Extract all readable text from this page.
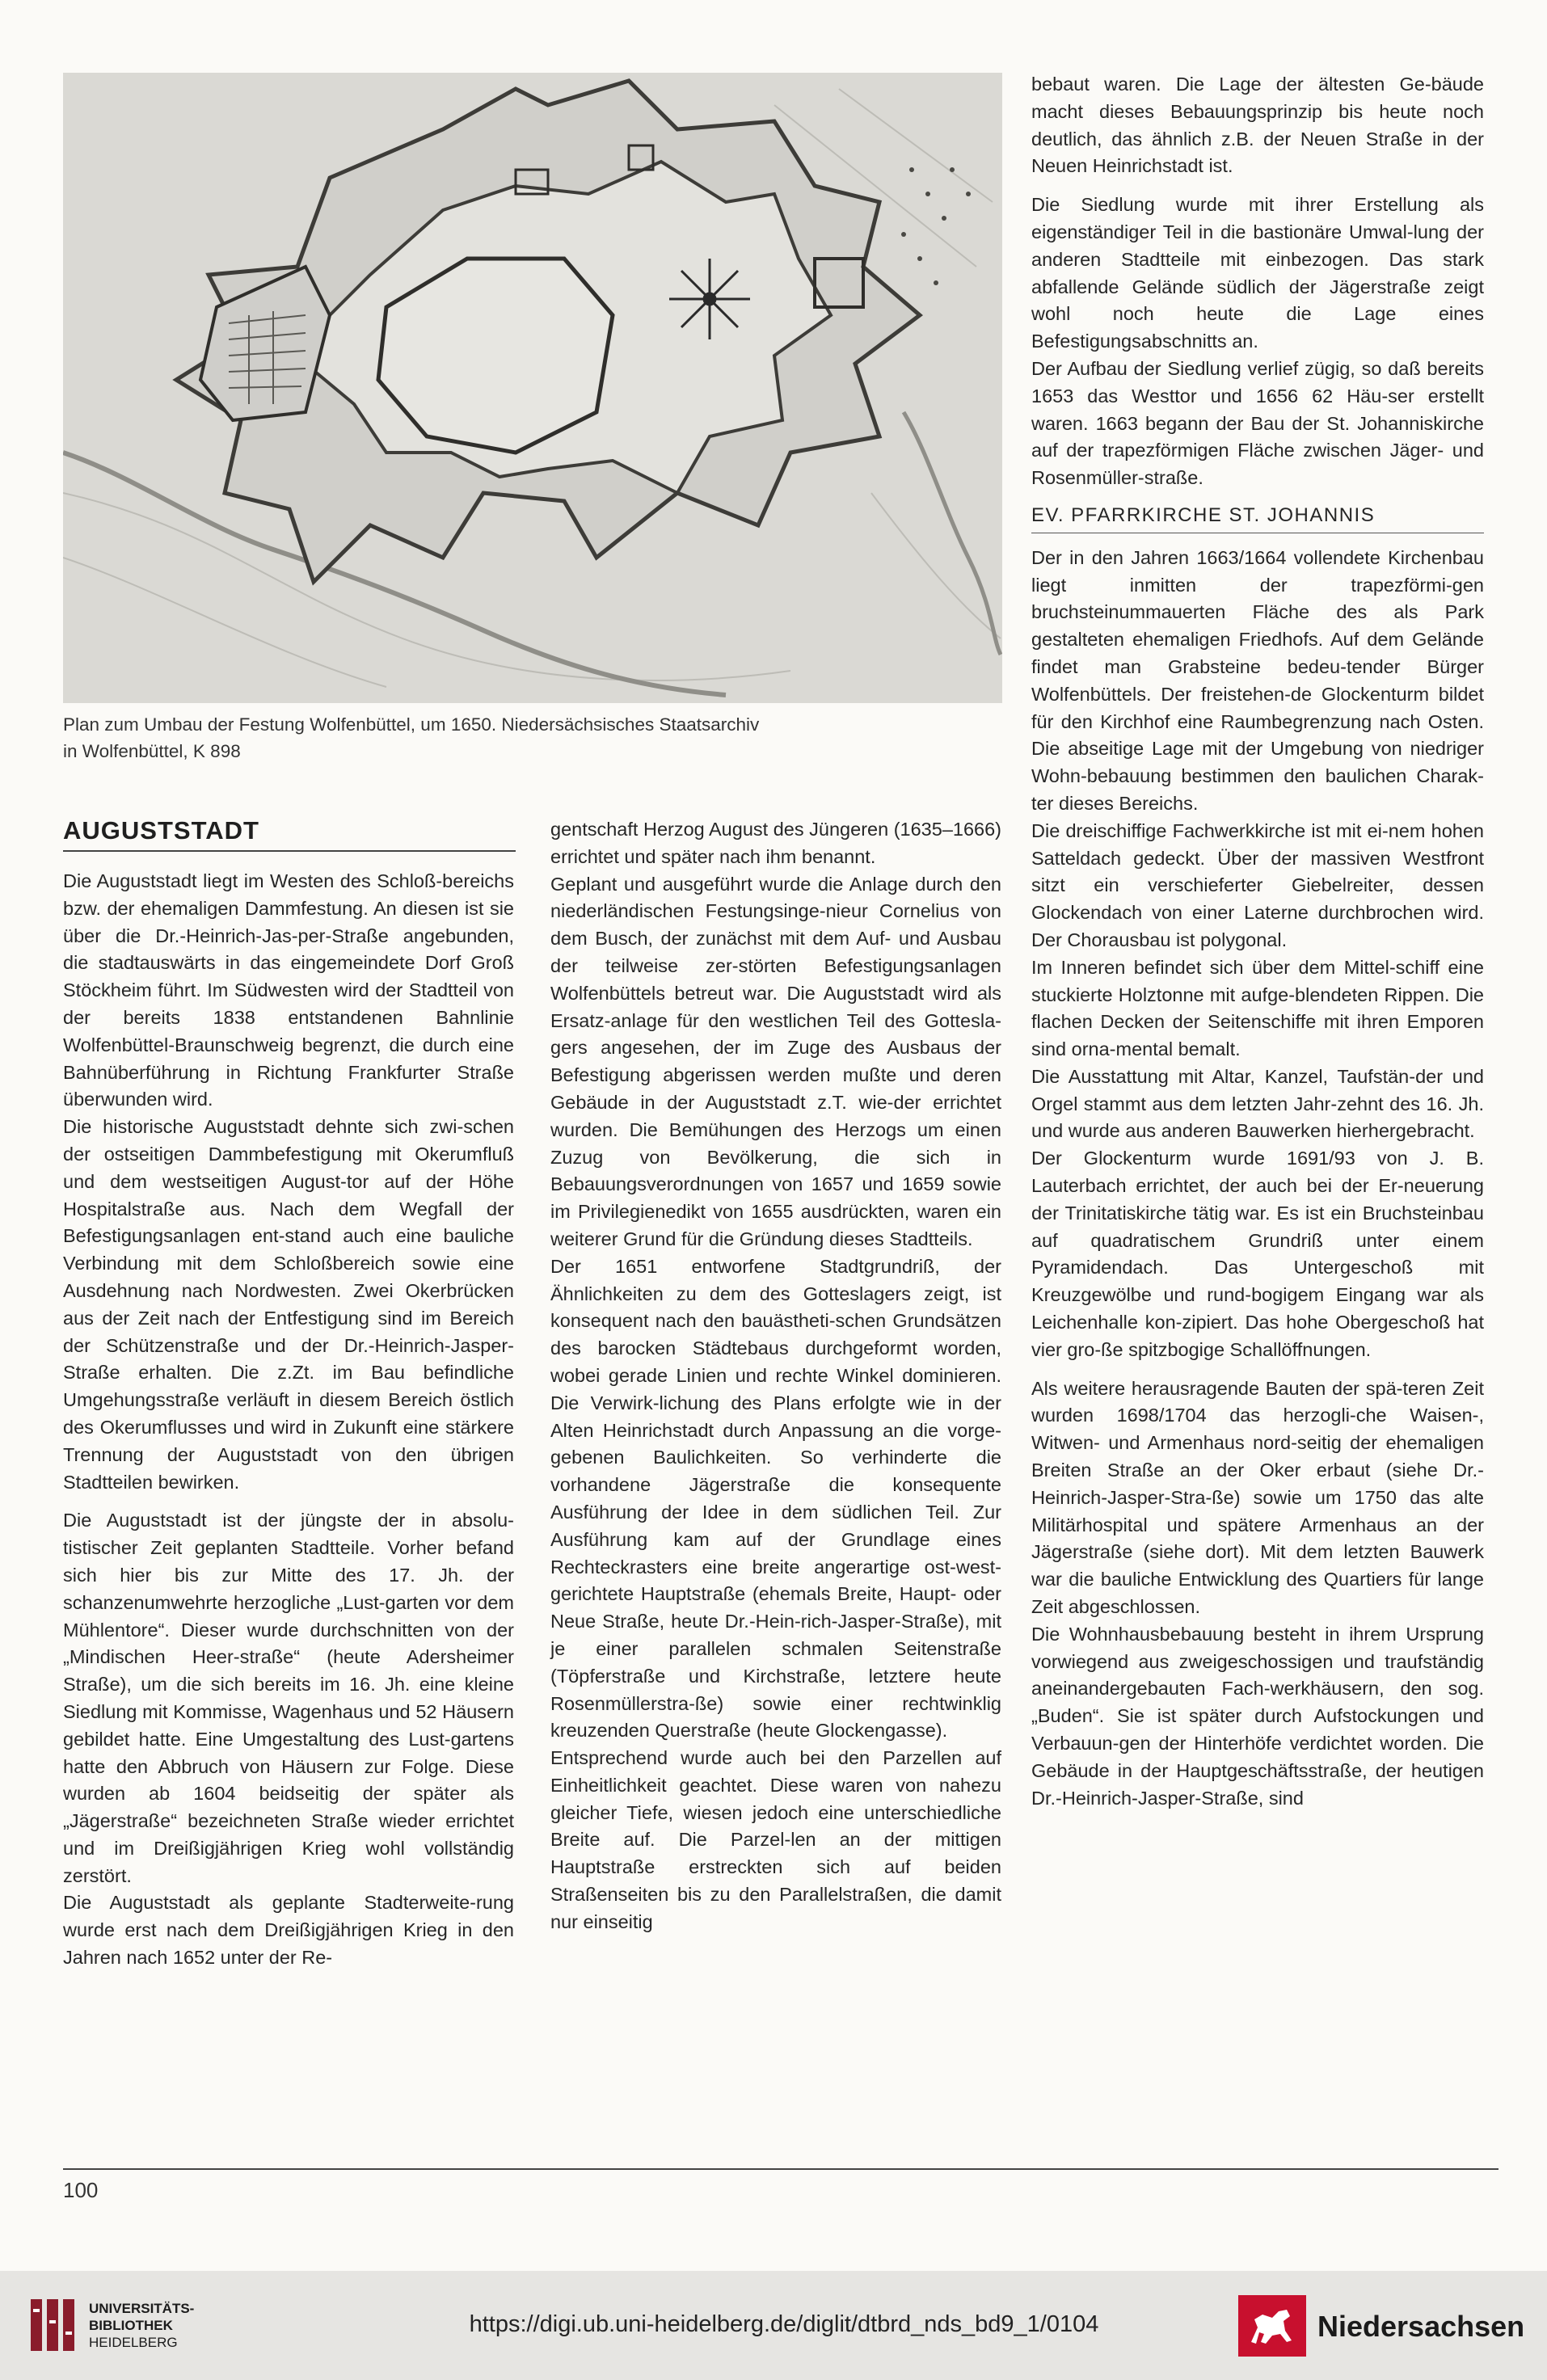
Plan zum Umbau der Festung Wolfenbüttel, um 1650. Niedersächsisches Staatsarchiv
in Wolfenbüttel, K 898
AUGUSTSTADT

Die Auguststadt liegt im Westen des Schloß-bereichs bzw. der ehemaligen Dammfestung. An diesen ist sie über die Dr.-Heinrich-Jas-per-Straße angebunden, die stadtauswärts in das eingemeindete Dorf Groß Stöckheim führt. Im Südwesten wird der Stadtteil von der bereits 1838 entstandenen Bahnlinie Wolfenbüttel-Braunschweig begrenzt, die durch eine Bahnüberführung in Richtung Frankfurter Straße überwunden wird.

Die historische Auguststadt dehnte sich zwi-schen der ostseitigen Dammbefestigung mit Okerumfluß und dem westseitigen August-tor auf der Höhe Hospitalstraße aus. Nach dem Wegfall der Befestigungsanlagen ent-stand auch eine bauliche Verbindung mit dem Schloßbereich sowie eine Ausdehnung nach Nordwesten. Zwei Okerbrücken aus der Zeit nach der Entfestigung sind im Bereich der Schützenstraße und der Dr.-Heinrich-Jasper-Straße erhalten. Die z.Zt. im Bau befindliche Umgehungsstraße verläuft in diesem Bereich östlich des Okerumflusses und wird in Zukunft eine stärkere Trennung der Auguststadt von den übrigen Stadtteilen bewirken.

Die Auguststadt ist der jüngste der in absolu-tistischer Zeit geplanten Stadtteile. Vorher befand sich hier bis zur Mitte des 17. Jh. der schanzenumwehrte herzogliche „Lust-garten vor dem Mühlentore“. Dieser wurde durchschnitten von der „Mindischen Heer-straße“ (heute Adersheimer Straße), um die sich bereits im 16. Jh. eine kleine Siedlung mit Kommisse, Wagenhaus und 52 Häusern gebildet hatte. Eine Umgestaltung des Lust-gartens hatte den Abbruch von Häusern zur Folge. Diese wurden ab 1604 beidseitig der später als „Jägerstraße“ bezeichneten Straße wieder errichtet und im Dreißigjährigen Krieg wohl vollständig zerstört.

Die Auguststadt als geplante Stadterweite-rung wurde erst nach dem Dreißigjährigen Krieg in den Jahren nach 1652 unter der Re-

gentschaft Herzog August des Jüngeren (1635–1666) errichtet und später nach ihm benannt.

Geplant und ausgeführt wurde die Anlage durch den niederländischen Festungsinge-nieur Cornelius von dem Busch, der zunächst mit dem Auf- und Ausbau der teilweise zer-störten Befestigungsanlagen Wolfenbüttels betreut war. Die Auguststadt wird als Ersatz-anlage für den westlichen Teil des Gottesla-gers angesehen, der im Zuge des Ausbaus der Befestigung abgerissen werden mußte und deren Gebäude in der Auguststadt z.T. wie-der errichtet wurden. Die Bemühungen des Herzogs um einen Zuzug von Bevölkerung, die sich in Bebauungsverordnungen von 1657 und 1659 sowie im Privilegienedikt von 1655 ausdrückten, waren ein weiterer Grund für die Gründung dieses Stadtteils.

Der 1651 entworfene Stadtgrundriß, der Ähnlichkeiten zu dem des Gotteslagers zeigt, ist konsequent nach den bauästheti-schen Grundsätzen des barocken Städtebaus durchgeformt worden, wobei gerade Linien und rechte Winkel dominieren. Die Verwirk-lichung des Plans erfolgte wie in der Alten Heinrichstadt durch Anpassung an die vorge-gebenen Baulichkeiten. So verhinderte die vorhandene Jägerstraße die konsequente Ausführung der Idee in dem südlichen Teil. Zur Ausführung kam auf der Grundlage eines Rechteckrasters eine breite angerartige ost-west-gerichtete Hauptstraße (ehemals Breite, Haupt- oder Neue Straße, heute Dr.-Hein-rich-Jasper-Straße), mit je einer parallelen schmalen Seitenstraße (Töpferstraße und Kirchstraße, letztere heute Rosenmüllerstra-ße) sowie einer rechtwinklig kreuzenden Querstraße (heute Glockengasse).

Entsprechend wurde auch bei den Parzellen auf Einheitlichkeit geachtet. Diese waren von nahezu gleicher Tiefe, wiesen jedoch eine unterschiedliche Breite auf. Die Parzel-len an der mittigen Hauptstraße erstreckten sich auf beiden Straßenseiten bis zu den Parallelstraßen, die damit nur einseitig

bebaut waren. Die Lage der ältesten Ge-bäude macht dieses Bebauungsprinzip bis heute noch deutlich, das ähnlich z.B. der Neuen Straße in der Neuen Heinrichstadt ist.

Die Siedlung wurde mit ihrer Erstellung als eigenständiger Teil in die bastionäre Umwal-lung der anderen Stadtteile mit einbezogen. Das stark abfallende Gelände südlich der Jägerstraße zeigt wohl noch heute die Lage eines Befestigungsabschnitts an.

Der Aufbau der Siedlung verlief zügig, so daß bereits 1653 das Westtor und 1656 62 Häu-ser erstellt waren. 1663 begann der Bau der St. Johanniskirche auf der trapezförmigen Fläche zwischen Jäger- und Rosenmüller-straße.

EV. PFARRKIRCHE ST. JOHANNIS

Der in den Jahren 1663/1664 vollendete Kirchenbau liegt inmitten der trapezförmi-gen bruchsteinummauerten Fläche des als Park gestalteten ehemaligen Friedhofs. Auf dem Gelände findet man Grabsteine bedeu-tender Bürger Wolfenbüttels. Der freistehen-de Glockenturm bildet für den Kirchhof eine Raumbegrenzung nach Osten. Die abseitige Lage mit der Umgebung von niedriger Wohn-bebauung bestimmen den baulichen Charak-ter dieses Bereichs.

Die dreischiffige Fachwerkkirche ist mit ei-nem hohen Satteldach gedeckt. Über der massiven Westfront sitzt ein verschieferter Giebelreiter, dessen Glockendach von einer Laterne durchbrochen wird. Der Chorausbau ist polygonal.

Im Inneren befindet sich über dem Mittel-schiff eine stuckierte Holztonne mit aufge-blendeten Rippen. Die flachen Decken der Seitenschiffe mit ihren Emporen sind orna-mental bemalt.

Die Ausstattung mit Altar, Kanzel, Taufstän-der und Orgel stammt aus dem letzten Jahr-zehnt des 16. Jh. und wurde aus anderen Bauwerken hierhergebracht.

Der Glockenturm wurde 1691/93 von J. B. Lauterbach errichtet, der auch bei der Er-neuerung der Trinitatiskirche tätig war. Es ist ein Bruchsteinbau auf quadratischem Grundriß unter einem Pyramidendach. Das Untergeschoß mit Kreuzgewölbe und rund-bogigem Eingang war als Leichenhalle kon-zipiert. Das hohe Obergeschoß hat vier gro-ße spitzbogige Schallöffnungen.

Als weitere herausragende Bauten der spä-teren Zeit wurden 1698/1704 das herzogli-che Waisen-, Witwen- und Armenhaus nord-seitig der ehemaligen Breiten Straße an der Oker erbaut (siehe Dr.-Heinrich-Jasper-Stra-ße) sowie um 1750 das alte Militärhospital und spätere Armenhaus an der Jägerstraße (siehe dort). Mit dem letzten Bauwerk war die bauliche Entwicklung des Quartiers für lange Zeit abgeschlossen.

Die Wohnhausbebauung besteht in ihrem Ursprung vorwiegend aus zweigeschossigen und traufständig aneinandergebauten Fach-werkhäusern, den sog. „Buden“. Sie ist später durch Aufstockungen und Verbauun-gen der Hinterhöfe verdichtet worden. Die Gebäude in der Hauptgeschäftsstraße, der heutigen Dr.-Heinrich-Jasper-Straße, sind

100
UNIVERSITÄTS-
BIBLIOTHEK
HEIDELBERG
https://digi.ub.uni-heidelberg.de/diglit/dtbrd_nds_bd9_1/0104	Niedersachsen
